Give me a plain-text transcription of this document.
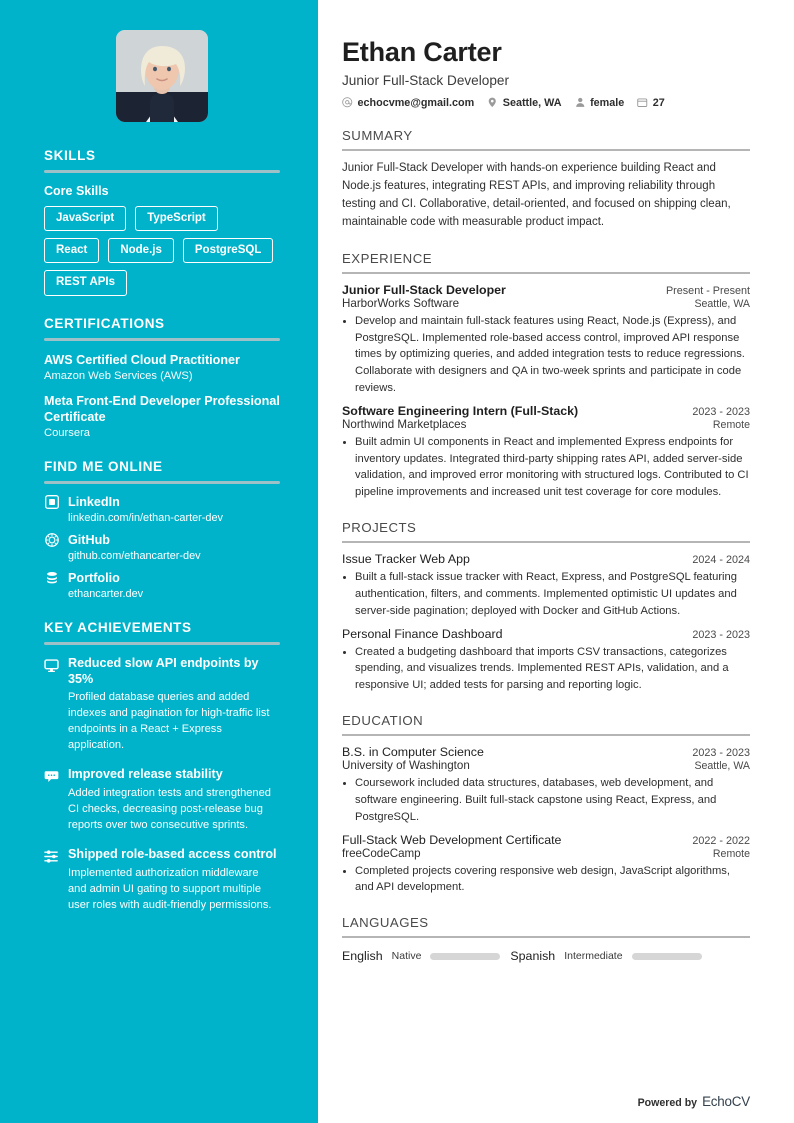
SKILLS
Core Skills
JavaScript	TypeScript
React	Node.js	PostgreSQL
REST APIs
CERTIFICATIONS
AWS Certified Cloud Practitioner
Amazon Web Services (AWS)
Meta Front-End Developer Professional Certificate
Coursera
FIND ME ONLINE
LinkedIn
linkedin.com/in/ethan-carter-dev
GitHub
github.com/ethancarter-dev
Portfolio
ethancarter.dev
KEY ACHIEVEMENTS
Reduced slow API endpoints by 35%
Profiled database queries and added indexes and pagination for high-traffic list endpoints in a React + Express application.
Improved release stability
Added integration tests and strengthened CI checks, decreasing post-release bug reports over two consecutive sprints.
Shipped role-based access control
Implemented authorization middleware and admin UI gating to support multiple user roles with audit-friendly permissions.
Ethan Carter
Junior Full-Stack Developer
echocvme@gmail.com	Seattle, WA	female	27
SUMMARY

Junior Full-Stack Developer with hands-on experience building React and Node.js features, integrating REST APIs, and improving reliability through testing and CI. Collaborative, detail-oriented, and focused on shipping clean, maintainable code with measurable product impact.

EXPERIENCE
Junior Full-Stack Developer	Present - Present
HarborWorks Software	Seattle, WA
• Develop and maintain full-stack features using React, Node.js (Express), and PostgreSQL. Implemented role-based access control, improved API response times by optimizing queries, and added integration tests to reduce regressions. Collaborate with designers and QA in two-week sprints and participate in code reviews.
Software Engineering Intern (Full-Stack)	2023 - 2023
Northwind Marketplaces	Remote
• Built admin UI components in React and implemented Express endpoints for inventory updates. Integrated third-party shipping rates API, added server-side validation, and improved error monitoring with structured logs. Contributed to CI pipeline improvements and increased unit test coverage for core modules.
PROJECTS
Issue Tracker Web App	2024 - 2024
• Built a full-stack issue tracker with React, Express, and PostgreSQL featuring authentication, filters, and comments. Implemented optimistic UI updates and server-side pagination; deployed with Docker and GitHub Actions.
Personal Finance Dashboard	2023 - 2023
• Created a budgeting dashboard that imports CSV transactions, categorizes spending, and visualizes trends. Implemented REST APIs, validation, and a responsive UI; added tests for parsing and reporting logic.
EDUCATION
B.S. in Computer Science	2023 - 2023
University of Washington	Seattle, WA
• Coursework included data structures, databases, web development, and software engineering. Built full-stack capstone using React, Express, and PostgreSQL.
Full-Stack Web Development Certificate	2022 - 2022
freeCodeCamp	Remote
• Completed projects covering responsive web design, JavaScript algorithms, and API development.
LANGUAGES
English Native	Spanish Intermediate
Powered by EchoCV
